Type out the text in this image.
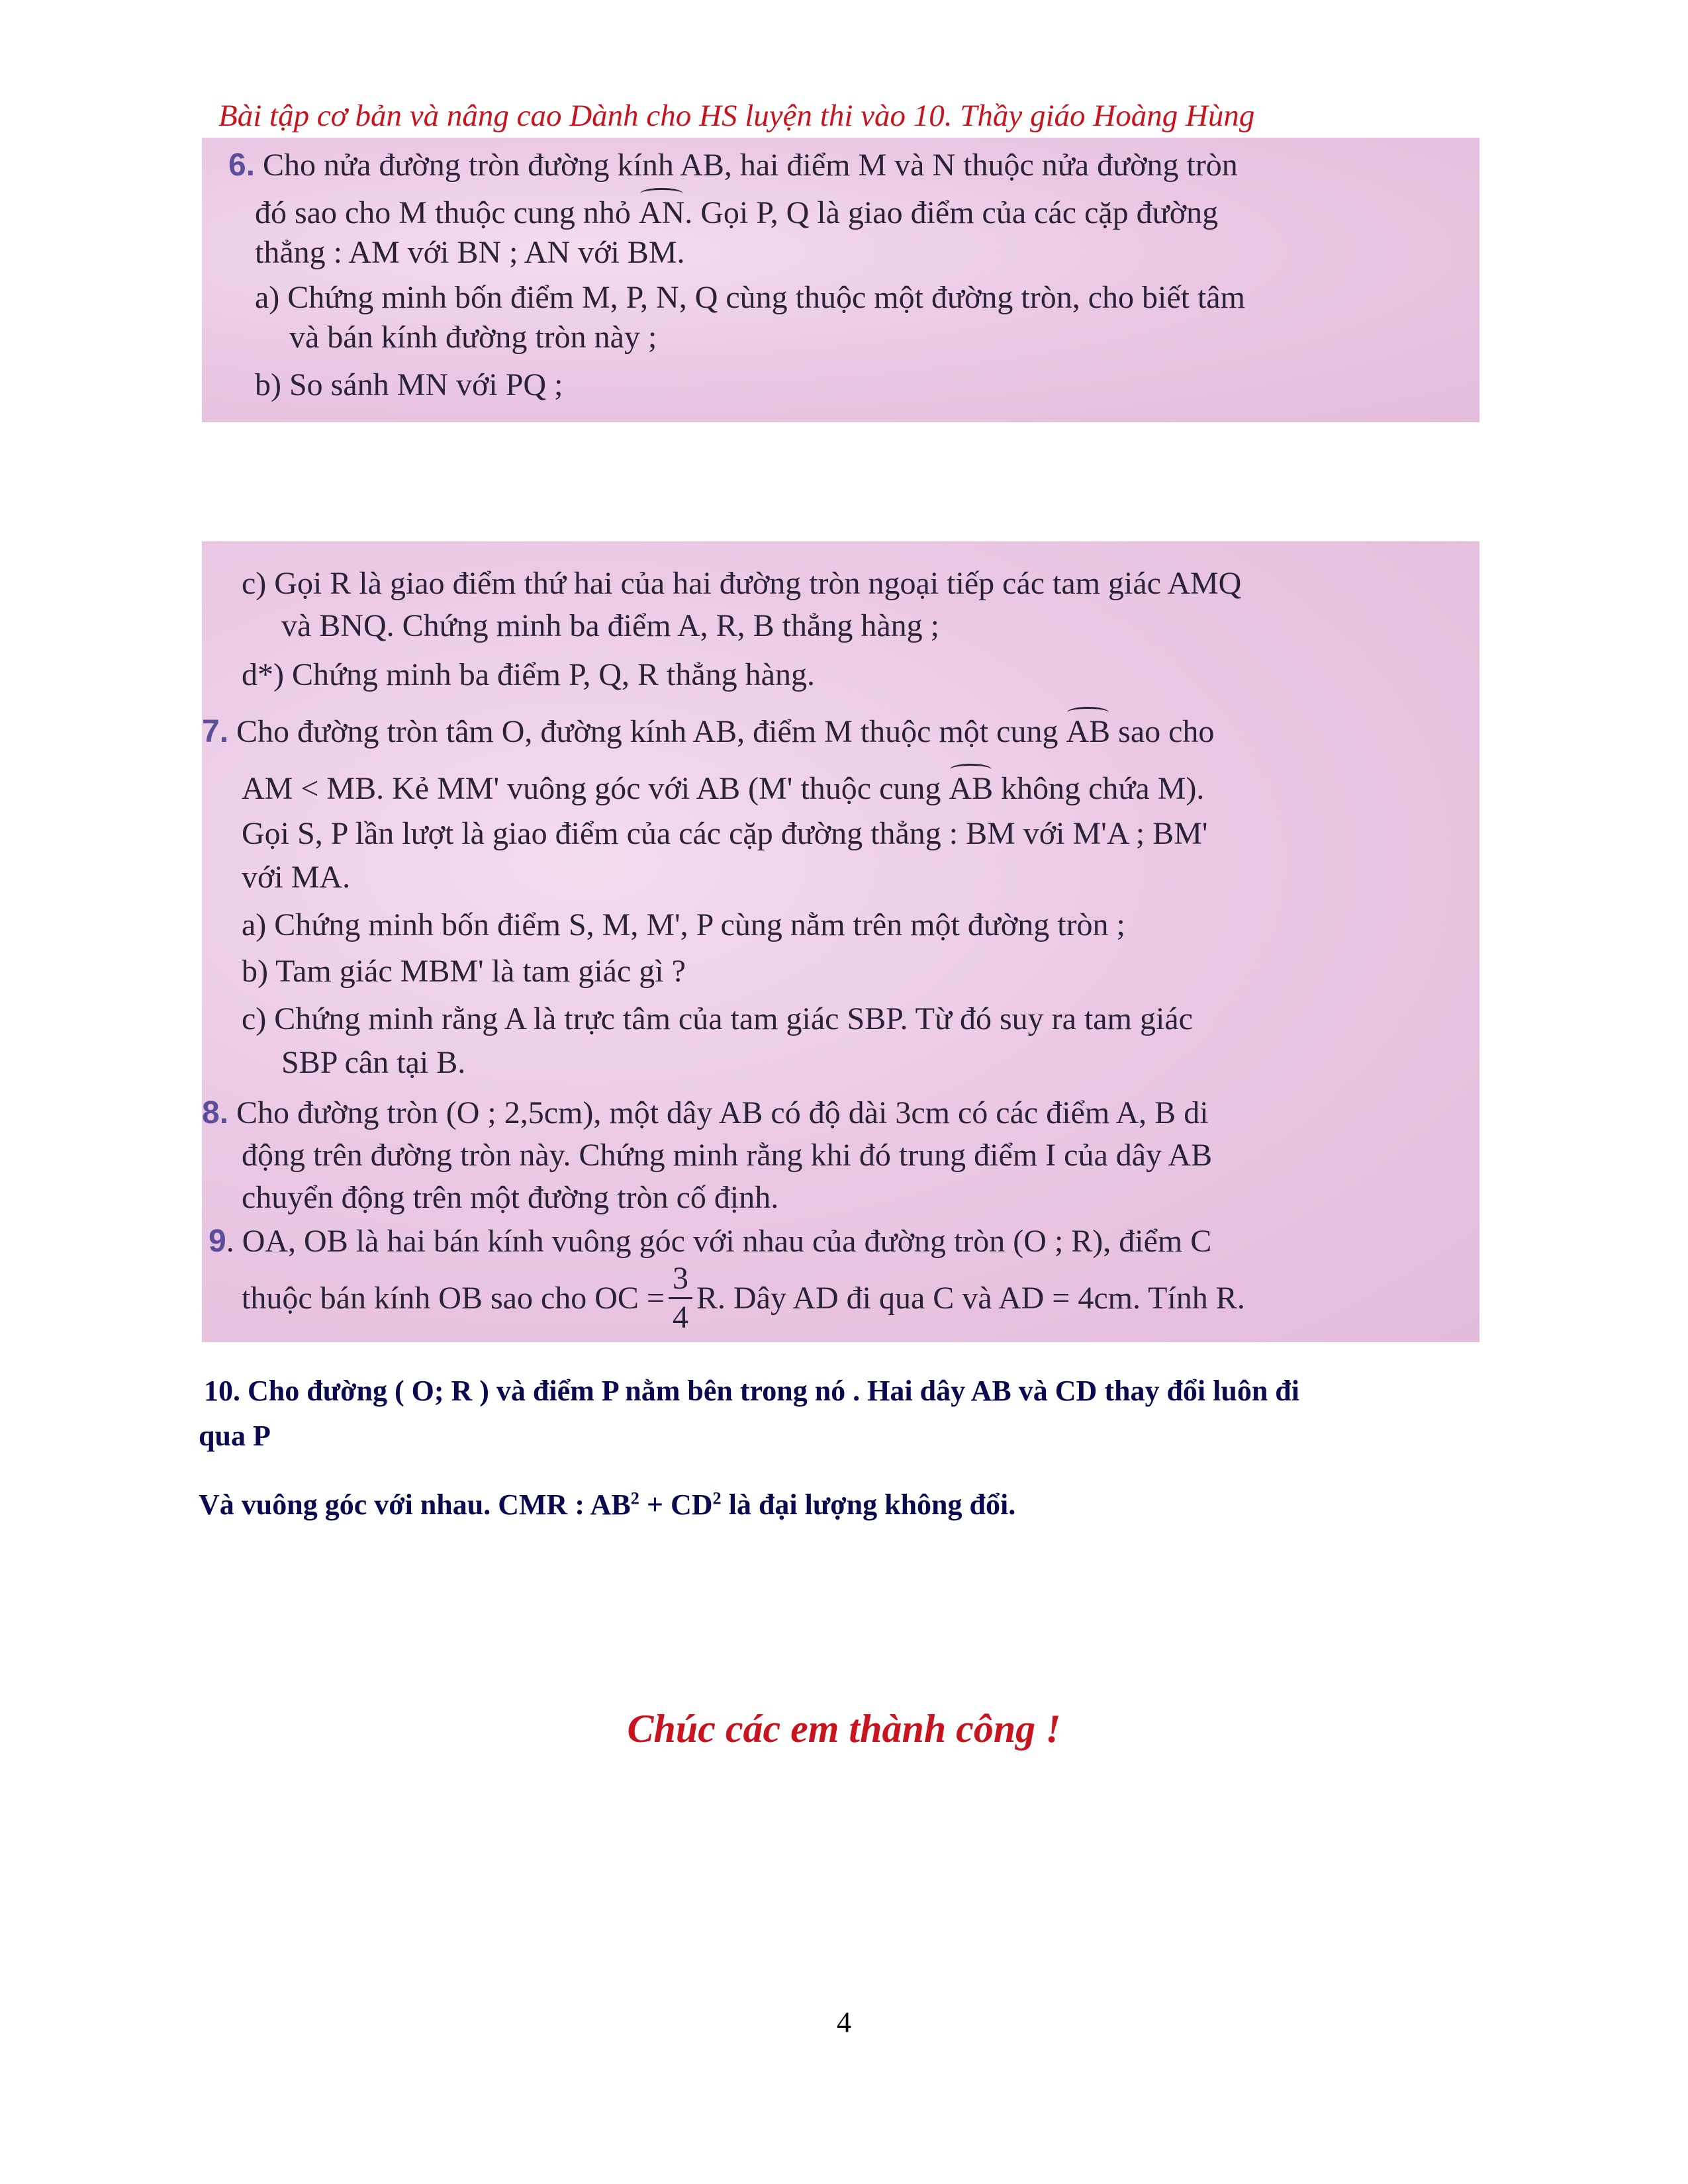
Bài tập cơ bản và nâng cao Dành cho HS luyện thi vào 10. Thầy giáo Hoàng Hùng
6. Cho nửa đường tròn đường kính AB, hai điểm M và N thuộc nửa đường tròn
đó sao cho M thuộc cung nhỏ AN. Gọi P, Q là giao điểm của các cặp đường
thẳng : AM với BN ; AN với BM.
a) Chứng minh bốn điểm M, P, N, Q cùng thuộc một đường tròn, cho biết tâm
và bán kính đường tròn này ;
b) So sánh MN với PQ ;
c) Gọi R là giao điểm thứ hai của hai đường tròn ngoại tiếp các tam giác AMQ
và BNQ. Chứng minh ba điểm A, R, B thẳng hàng ;
d*) Chứng minh ba điểm P, Q, R thẳng hàng.
7. Cho đường tròn tâm O, đường kính AB, điểm M thuộc một cung AB sao cho
AM < MB. Kẻ MM' vuông góc với AB (M' thuộc cung AB không chứa M).
Gọi S, P lần lượt là giao điểm của các cặp đường thẳng : BM với M'A ; BM'
với MA.
a) Chứng minh bốn điểm S, M, M', P cùng nằm trên một đường tròn ;
b) Tam giác MBM' là tam giác gì ?
c) Chứng minh rằng A là trực tâm của tam giác SBP. Từ đó suy ra tam giác
SBP cân tại B.
8. Cho đường tròn (O ; 2,5cm), một dây AB có độ dài 3cm có các điểm A, B di
động trên đường tròn này. Chứng minh rằng khi đó trung điểm I của dây AB
chuyển động trên một đường tròn cố định.
9. OA, OB là hai bán kính vuông góc với nhau của đường tròn (O ; R), điểm C
thuộc bán kính OB sao cho OC = $\frac{3}{4} R$. Dây AD đi qua C và AD = 4cm. Tính R.
10. Cho đường ( O; R ) và điểm P nằm bên trong nó . Hai dây AB và CD thay đổi luôn đi
qua P
Và vuông góc với nhau. CMR : $AB^2 + CD^2$ là đại lượng không đổi.
Chúc các em thành công !
4
